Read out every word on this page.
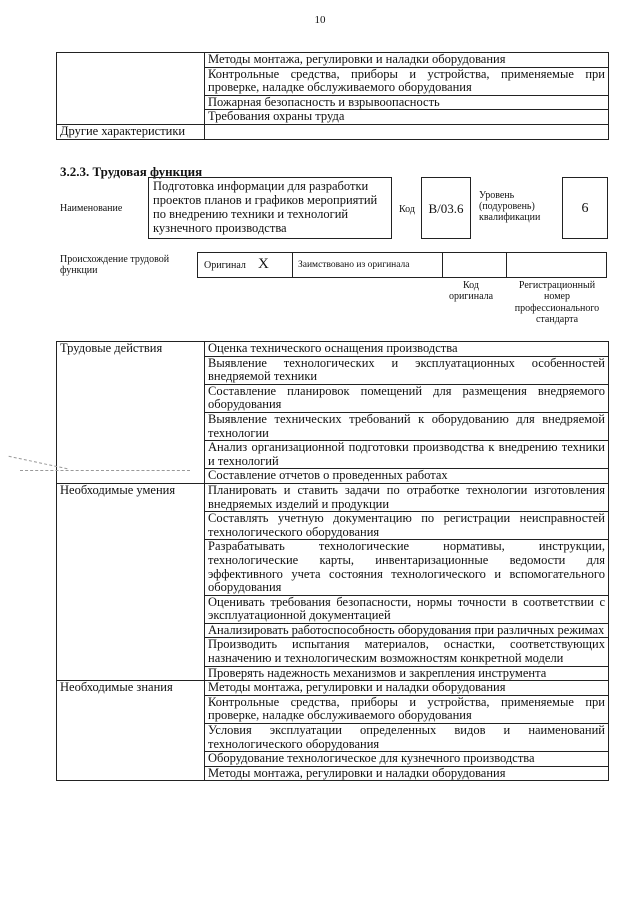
10
	Методы монтажа, регулировки и наладки оборудования
	Контрольные средства, приборы и устройства, применяемые при проверке, наладке обслуживаемого оборудования
	Пожарная безопасность и взрывоопасность
	Требования охраны труда
Другие характеристики	
3.2.3. Трудовая функция
Наименование
Подготовка информации для разработки проектов планов и графиков мероприятий по внедрению техники и технологий кузнечного производства
Код	B/03.6
Уровень (подуровень) квалификации
6
Происхождение трудовой функции	Оригинал X	Заимствовано из оригинала
Код оригинала
Регистрационный номер профессионального стандарта
Трудовые действия	Оценка технического оснащения производства
	Выявление технологических и эксплуатационных особенностей внедряемой техники
	Составление планировок помещений для размещения внедряемого оборудования
	Выявление технических требований к оборудованию для внедряемой технологии
	Анализ организационной подготовки производства к внедрению техники и технологий
	Составление отчетов о проведенных работах
Необходимые умения	Планировать и ставить задачи по отработке технологии изготовления внедряемых изделий и продукции
	Составлять учетную документацию по регистрации неисправностей технологического оборудования
	Разрабатывать технологические нормативы, инструкции, технологические карты, инвентаризационные ведомости для эффективного учета состояния технологического и вспомогательного оборудования
	Оценивать требования безопасности, нормы точности в соответствии с эксплуатационной документацией
	Анализировать работоспособность оборудования при различных режимах
	Производить испытания материалов, оснастки, соответствующих назначению и технологическим возможностям конкретной модели
	Проверять надежность механизмов и закрепления инструмента
Необходимые знания	Методы монтажа, регулировки и наладки оборудования
	Контрольные средства, приборы и устройства, применяемые при проверке, наладке обслуживаемого оборудования
	Условия эксплуатации определенных видов и наименований технологического оборудования
	Оборудование технологическое для кузнечного производства
	Методы монтажа, регулировки и наладки оборудования
